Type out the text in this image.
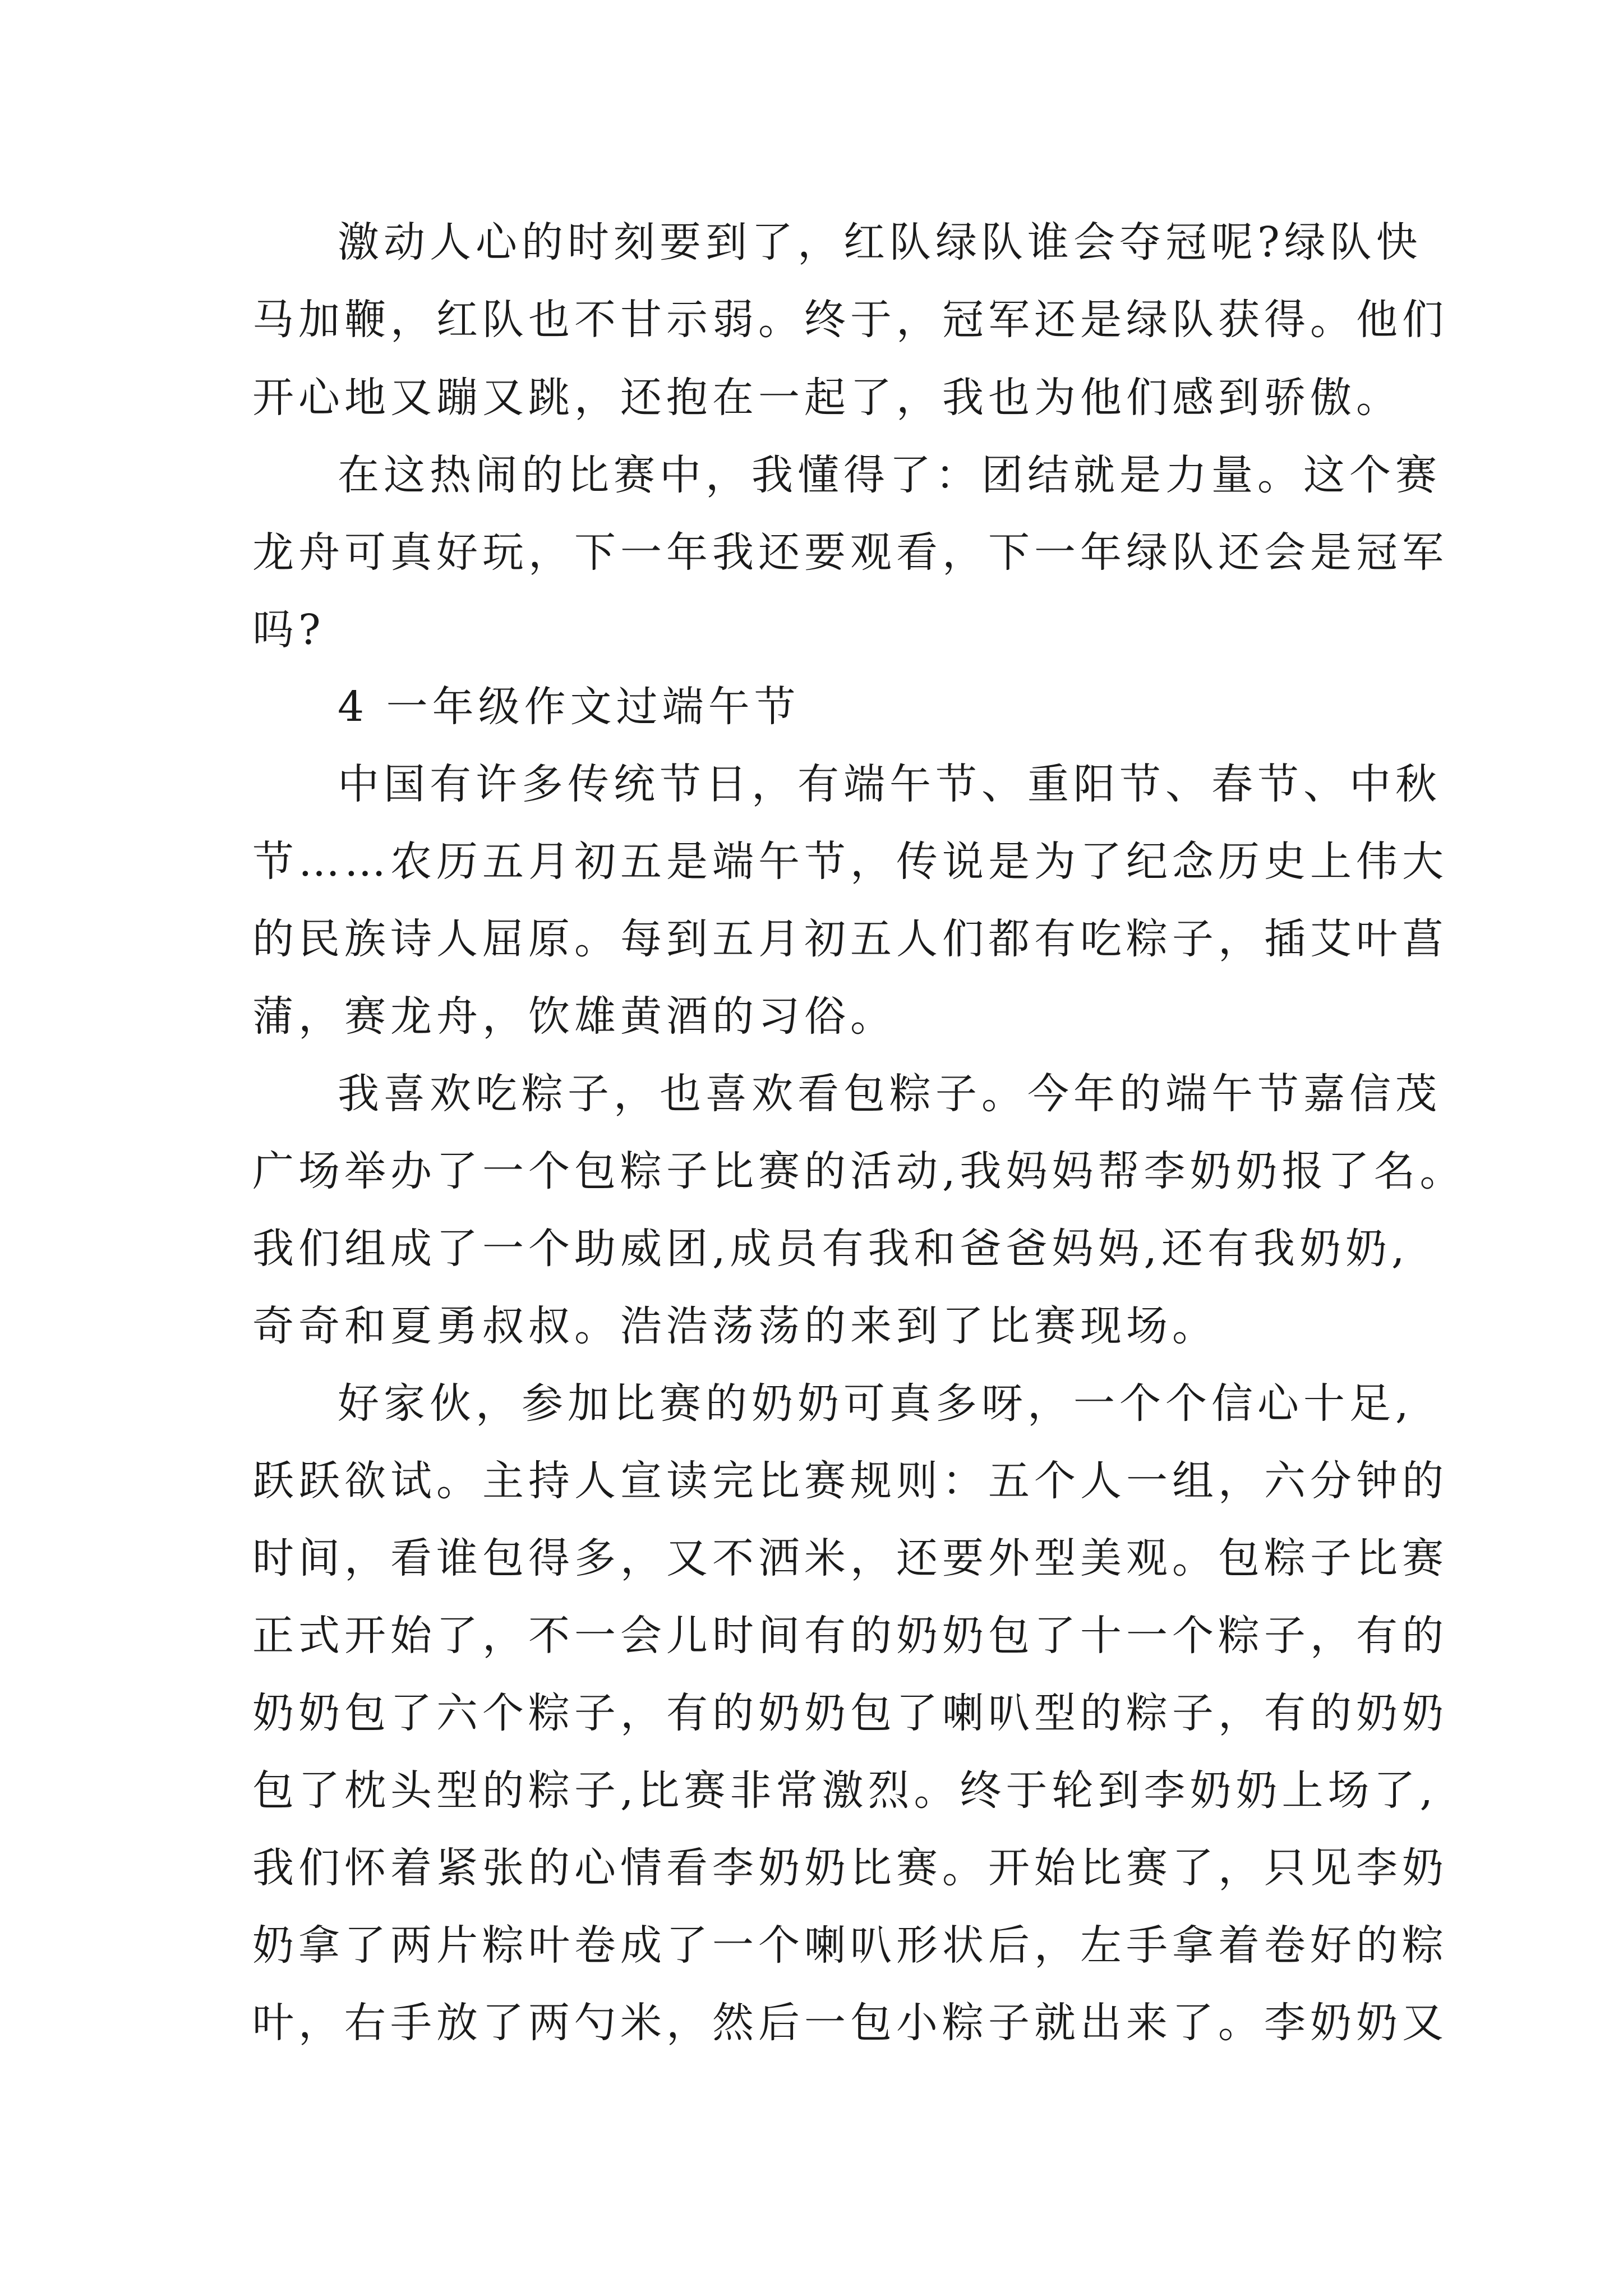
激动人心的时刻要到了，红队绿队谁会夺冠呢?绿队快
马加鞭，红队也不甘示弱。终于，冠军还是绿队获得。他们
开心地又蹦又跳，还抱在一起了，我也为他们感到骄傲。
在这热闹的比赛中，我懂得了：团结就是力量。这个赛
龙舟可真好玩，下一年我还要观看，下一年绿队还会是冠军
吗?
4 一年级作文过端午节
中国有许多传统节日，有端午节、重阳节、春节、中秋
节……农历五月初五是端午节，传说是为了纪念历史上伟大
的民族诗人屈原。每到五月初五人们都有吃粽子，插艾叶菖
蒲，赛龙舟，饮雄黄酒的习俗。
我喜欢吃粽子，也喜欢看包粽子。今年的端午节嘉信茂
广场举办了一个包粽子比赛的活动,我妈妈帮李奶奶报了名。
我们组成了一个助威团,成员有我和爸爸妈妈,还有我奶奶,
奇奇和夏勇叔叔。浩浩荡荡的来到了比赛现场。
好家伙，参加比赛的奶奶可真多呀，一个个信心十足,
跃跃欲试。主持人宣读完比赛规则：五个人一组，六分钟的
时间，看谁包得多，又不洒米，还要外型美观。包粽子比赛
正式开始了，不一会儿时间有的奶奶包了十一个粽子，有的
奶奶包了六个粽子，有的奶奶包了喇叭型的粽子，有的奶奶
包了枕头型的粽子,比赛非常激烈。终于轮到李奶奶上场了,
我们怀着紧张的心情看李奶奶比赛。开始比赛了，只见李奶
奶拿了两片粽叶卷成了一个喇叭形状后，左手拿着卷好的粽
叶，右手放了两勺米，然后一包小粽子就出来了。李奶奶又
